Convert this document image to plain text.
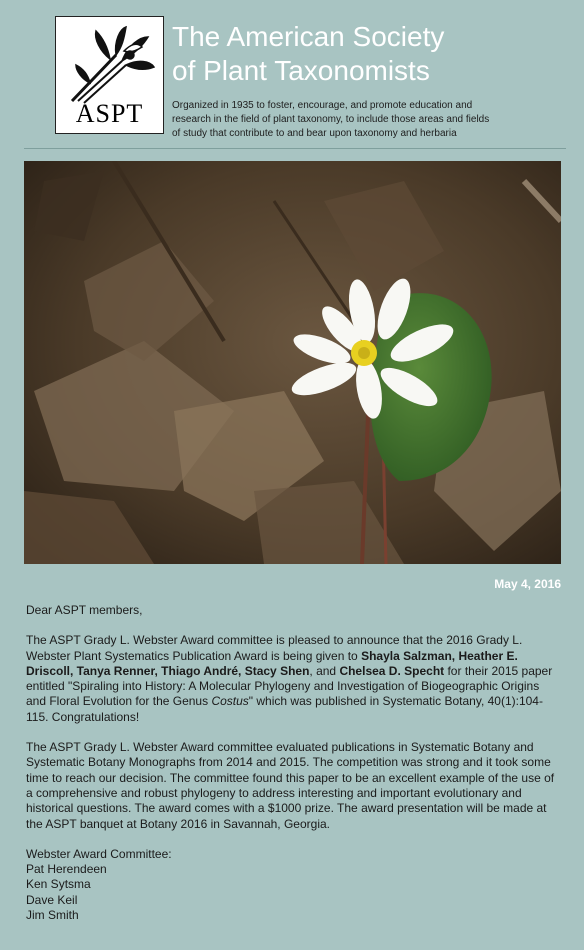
ASPT
The American Society
of Plant Taxonomists
Organized in 1935 to foster, encourage, and promote education and research in the field of plant taxonomy, to include those areas and fields of study that contribute to and bear upon taxonomy and herbaria
May 4, 2016

Dear ASPT members,

The ASPT Grady L. Webster Award committee is pleased to announce that the 2016 Grady L. Webster Plant Systematics Publication Award is being given to Shayla Salzman, Heather E. Driscoll, Tanya Renner, Thiago André, Stacy Shen, and Chelsea D. Specht for their 2015 paper entitled "Spiraling into History: A Molecular Phylogeny and Investigation of Biogeographic Origins and Floral Evolution for the Genus Costus" which was published in Systematic Botany, 40(1):104-115. Congratulations!

The ASPT Grady L. Webster Award committee evaluated publications in Systematic Botany and Systematic Botany Monographs from 2014 and 2015. The competition was strong and it took some time to reach our decision. The committee found this paper to be an excellent example of the use of a comprehensive and robust phylogeny to address interesting and important evolutionary and historical questions. The award comes with a $1000 prize. The award presentation will be made at the ASPT banquet at Botany 2016 in Savannah, Georgia.

Webster Award Committee:
Pat Herendeen
Ken Sytsma
Dave Keil
Jim Smith
